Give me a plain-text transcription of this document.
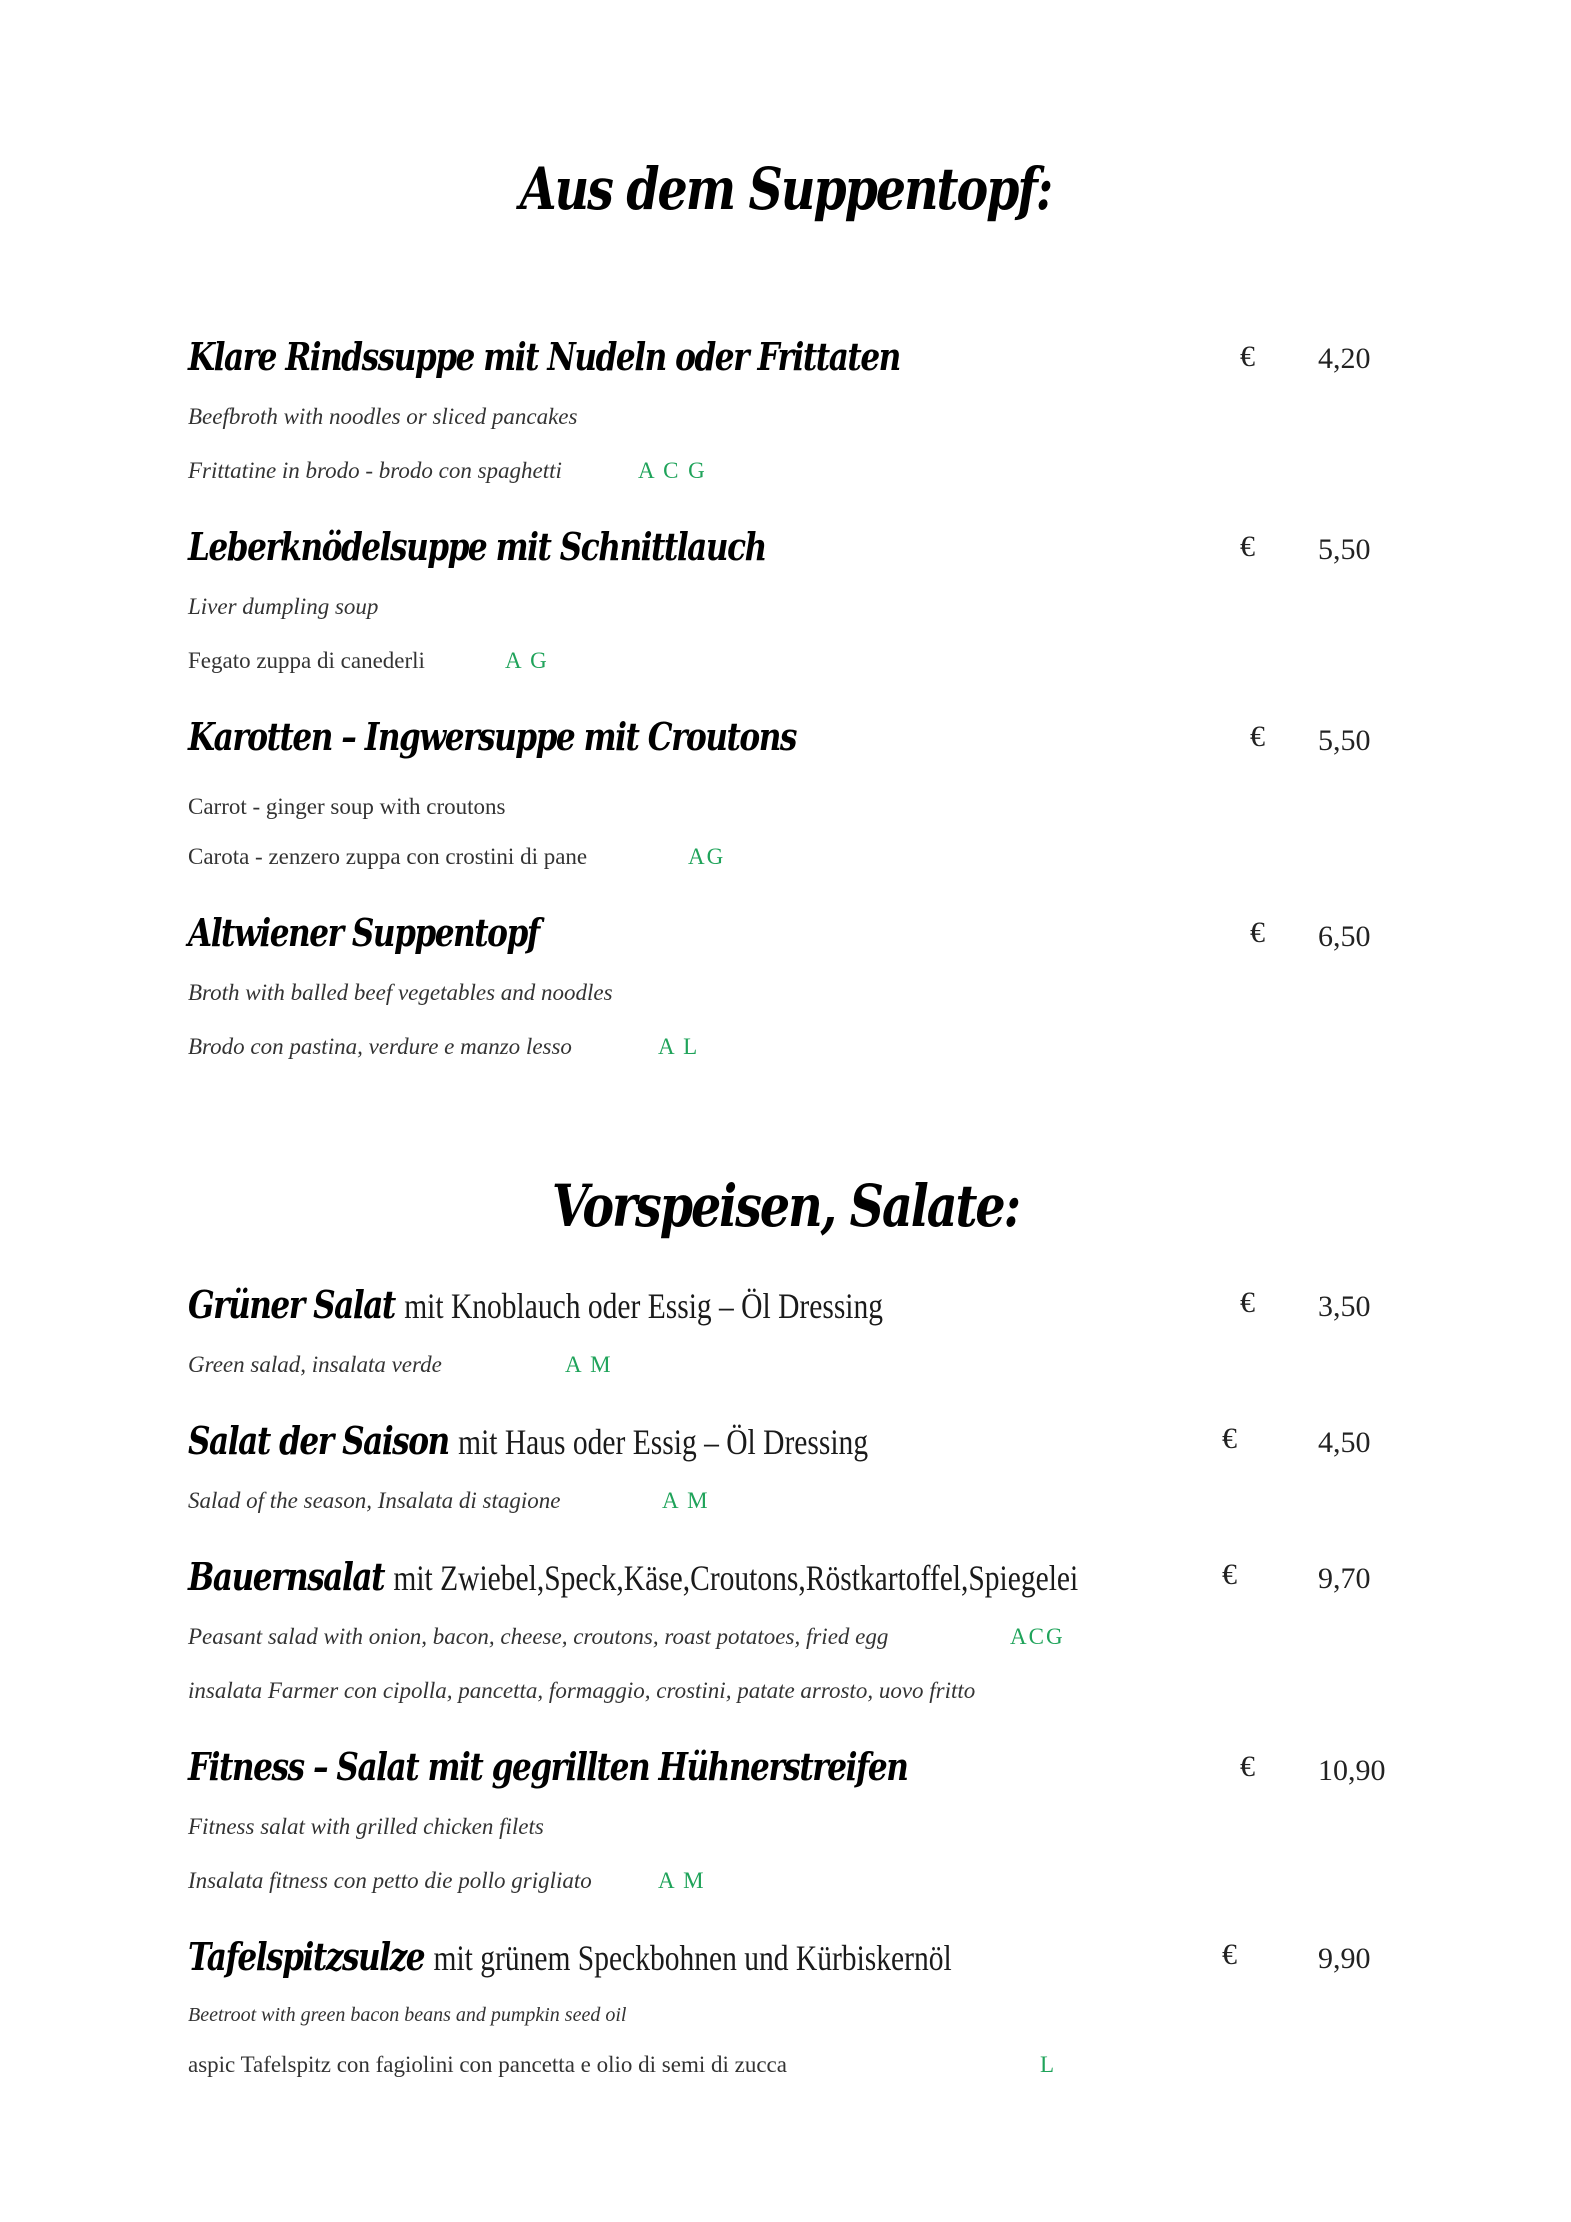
Aus dem Suppentopf:
Klare Rindssuppe mit Nudeln oder Frittaten	€ 4,20
Beefbroth with noodles or sliced pancakes
Frittatine in brodo - brodo con spaghetti	A C G
Leberknödelsuppe mit Schnittlauch	€ 5,50
Liver dumpling soup
Fegato zuppa di canederli	A G
Karotten – Ingwersuppe mit Croutons	€ 5,50
Carrot - ginger soup with croutons
Carota - zenzero zuppa con crostini di pane	AG
Altwiener Suppentopf	€ 6,50
Broth with balled beef vegetables and noodles
Brodo con pastina, verdure e manzo lesso	A L
Vorspeisen, Salate:
Grüner Salat mit Knoblauch oder Essig – Öl Dressing	€ 3,50
Green salad, insalata verde	A M
Salat der Saison mit Haus oder Essig – Öl Dressing	€	4,50
Salad of the season, Insalata di stagione	A M
Bauernsalat mit Zwiebel,Speck,Käse,Croutons,Röstkartoffel,Spiegelei	€	9,70
Peasant salad with onion, bacon, cheese, croutons, roast potatoes, fried egg	ACG
insalata Farmer con cipolla, pancetta, formaggio, crostini, patate arrosto, uovo fritto
Fitness – Salat mit gegrillten Hühnerstreifen	€ 10,90
Fitness salat with grilled chicken filets
Insalata fitness con petto die pollo grigliato	A M
Tafelspitzsulze mit grünem Speckbohnen und Kürbiskernöl	€	9,90
Beetroot with green bacon beans and pumpkin seed oil
aspic Tafelspitz con fagiolini con pancetta e olio di semi di zucca	L
